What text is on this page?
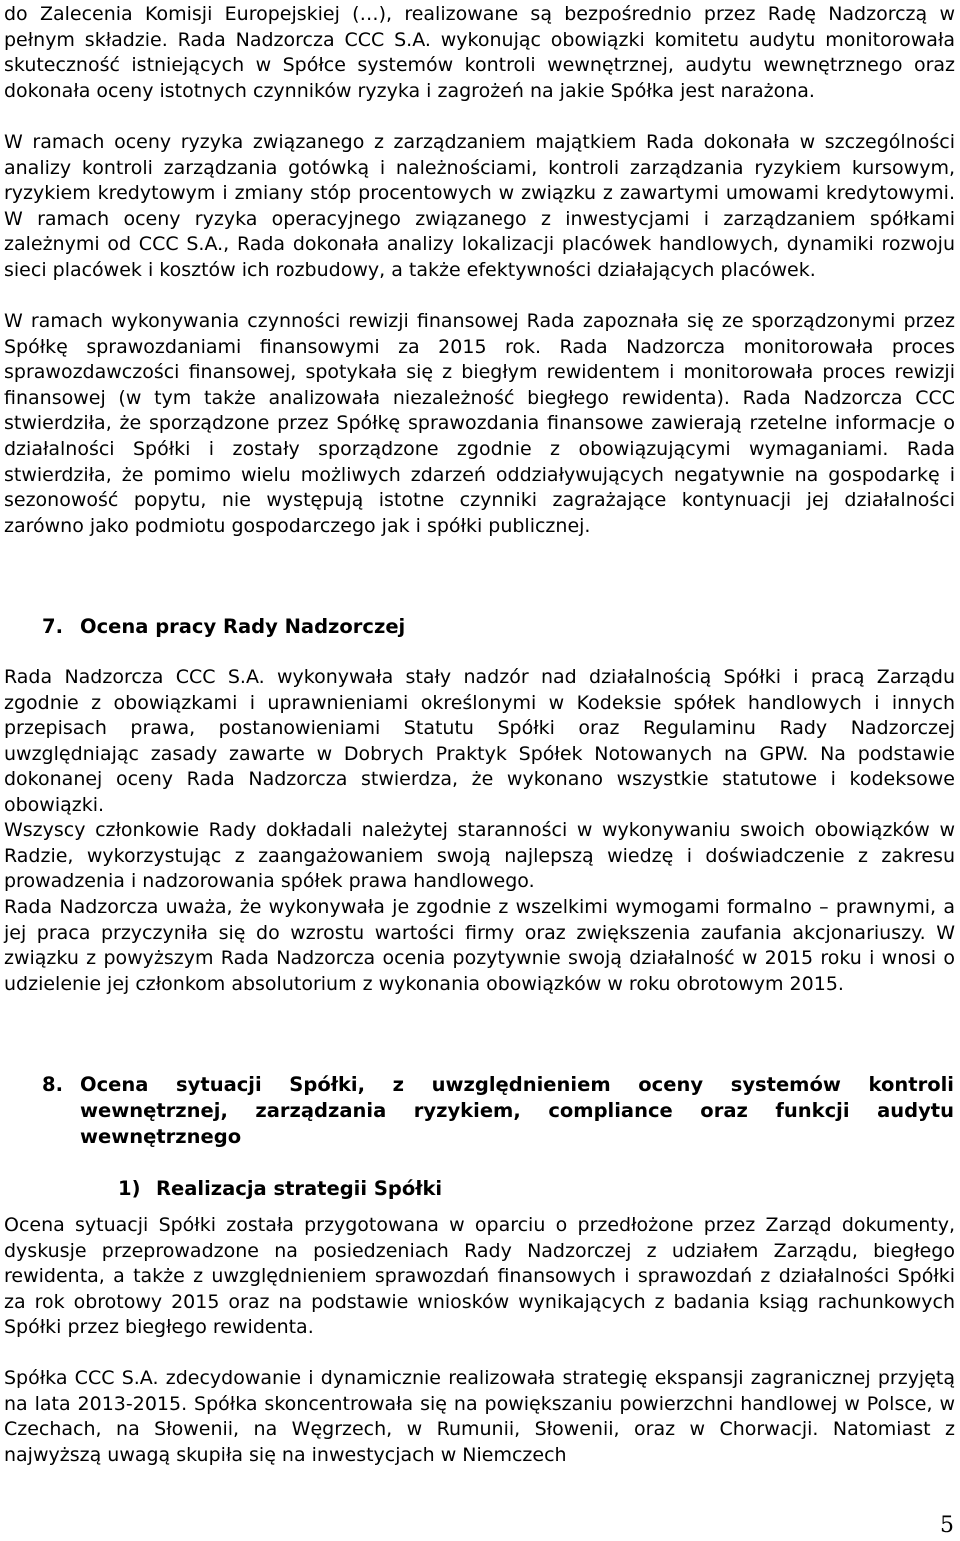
do Zalecenia Komisji Europejskiej (…), realizowane są bezpośrednio przez Radę Nadzorczą w pełnym składzie. Rada Nadzorcza CCC S.A. wykonując obowiązki komitetu audytu monitorowała skuteczność istniejących w Spółce systemów kontroli wewnętrznej, audytu wewnętrznego oraz dokonała oceny istotnych czynników ryzyka i zagrożeń na jakie Spółka jest narażona.

W ramach oceny ryzyka związanego z zarządzaniem majątkiem Rada dokonała w szczególności analizy kontroli zarządzania gotówką i należnościami, kontroli zarządzania ryzykiem kursowym, ryzykiem kredytowym i zmiany stóp procentowych w związku z zawartymi umowami kredytowymi. W ramach oceny ryzyka operacyjnego związanego z inwestycjami i zarządzaniem spółkami zależnymi od CCC S.A., Rada dokonała analizy lokalizacji placówek handlowych, dynamiki rozwoju sieci placówek i kosztów ich rozbudowy, a także efektywności działających placówek.

W ramach wykonywania czynności rewizji finansowej Rada zapoznała się ze sporządzonymi przez Spółkę sprawozdaniami finansowymi za 2015 rok. Rada Nadzorcza monitorowała proces sprawozdawczości finansowej, spotykała się z biegłym rewidentem i monitorowała proces rewizji finansowej (w tym także analizowała niezależność biegłego rewidenta). Rada Nadzorcza CCC stwierdziła, że sporządzone przez Spółkę sprawozdania finansowe zawierają rzetelne informacje o działalności Spółki i zostały sporządzone zgodnie z obowiązującymi wymaganiami. Rada stwierdziła, że pomimo wielu możliwych zdarzeń oddziaływujących negatywnie na gospodarkę i sezonowość popytu, nie występują istotne czynniki zagrażające kontynuacji jej działalności zarówno jako podmiotu gospodarczego jak i spółki publicznej.

7. Ocena pracy Rady Nadzorczej

Rada Nadzorcza CCC S.A. wykonywała stały nadzór nad działalnością Spółki i pracą Zarządu zgodnie z obowiązkami i uprawnieniami określonymi w Kodeksie spółek handlowych i innych przepisach prawa, postanowieniami Statutu Spółki oraz Regulaminu Rady Nadzorczej uwzględniając zasady zawarte w Dobrych Praktyk Spółek Notowanych na GPW. Na podstawie dokonanej oceny Rada Nadzorcza stwierdza, że wykonano wszystkie statutowe i kodeksowe obowiązki.

Wszyscy członkowie Rady dokładali należytej staranności w wykonywaniu swoich obowiązków w Radzie, wykorzystując z zaangażowaniem swoją najlepszą wiedzę i doświadczenie z zakresu prowadzenia i nadzorowania spółek prawa handlowego.

Rada Nadzorcza uważa, że wykonywała je zgodnie z wszelkimi wymogami formalno – prawnymi, a jej praca przyczyniła się do wzrostu wartości firmy oraz zwiększenia zaufania akcjonariuszy. W związku z powyższym Rada Nadzorcza ocenia pozytywnie swoją działalność w 2015 roku i wnosi o udzielenie jej członkom absolutorium z wykonania obowiązków w roku obrotowym 2015.

8. Ocena sytuacji Spółki, z uwzględnieniem oceny systemów kontroli wewnętrznej, zarządzania ryzykiem, compliance oraz funkcji audytu wewnętrznego
1) Realizacja strategii Spółki

Ocena sytuacji Spółki została przygotowana w oparciu o przedłożone przez Zarząd dokumenty, dyskusje przeprowadzone na posiedzeniach Rady Nadzorczej z udziałem Zarządu, biegłego rewidenta, a także z uwzględnieniem sprawozdań finansowych i sprawozdań z działalności Spółki za rok obrotowy 2015 oraz na podstawie wniosków wynikających z badania ksiąg rachunkowych Spółki przez biegłego rewidenta.

Spółka CCC S.A. zdecydowanie i dynamicznie realizowała strategię ekspansji zagranicznej przyjętą na lata 2013-2015. Spółka skoncentrowała się na powiększaniu powierzchni handlowej w Polsce, w Czechach, na Słowenii, na Węgrzech, w Rumunii, Słowenii, oraz w Chorwacji. Natomiast z najwyższą uwagą skupiła się na inwestycjach w Niemczech

5
